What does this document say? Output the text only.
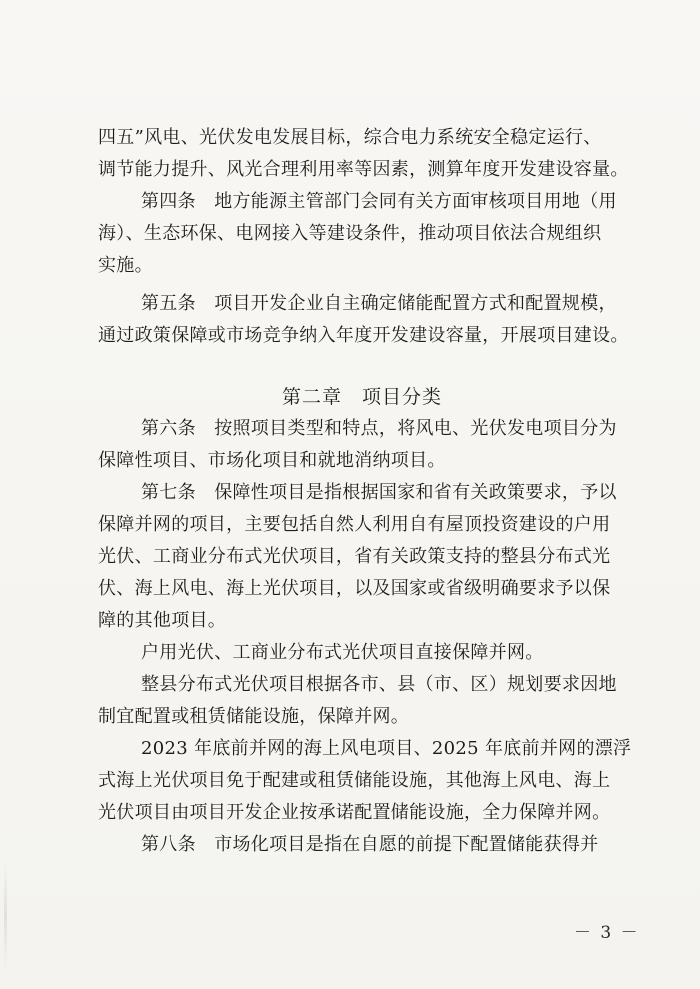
四五”风电、光伏发电发展目标，综合电力系统安全稳定运行、
调节能力提升、风光合理利用率等因素，测算年度开发建设容量。
第四条　地方能源主管部门会同有关方面审核项目用地（用
海）、生态环保、电网接入等建设条件，推动项目依法合规组织
实施。
第五条　项目开发企业自主确定储能配置方式和配置规模，
通过政策保障或市场竞争纳入年度开发建设容量，开展项目建设。
第二章　项目分类
第六条　按照项目类型和特点，将风电、光伏发电项目分为
保障性项目、市场化项目和就地消纳项目。
第七条　保障性项目是指根据国家和省有关政策要求，予以
保障并网的项目，主要包括自然人利用自有屋顶投资建设的户用
光伏、工商业分布式光伏项目，省有关政策支持的整县分布式光
伏、海上风电、海上光伏项目，以及国家或省级明确要求予以保
障的其他项目。
户用光伏、工商业分布式光伏项目直接保障并网。
整县分布式光伏项目根据各市、县（市、区）规划要求因地
制宜配置或租赁储能设施，保障并网。
2023 年底前并网的海上风电项目、2025 年底前并网的漂浮
式海上光伏项目免于配建或租赁储能设施，其他海上风电、海上
光伏项目由项目开发企业按承诺配置储能设施，全力保障并网。
第八条　市场化项目是指在自愿的前提下配置储能获得并
－ 3 －
